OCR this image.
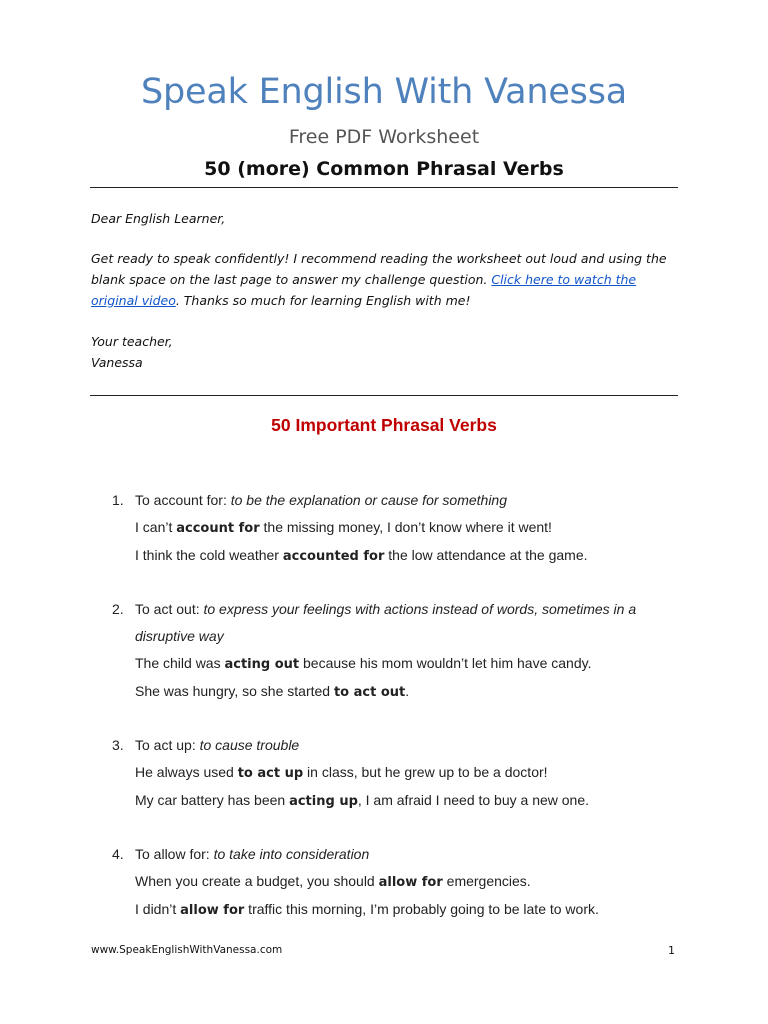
Speak English With Vanessa
Free PDF Worksheet
50 (more) Common Phrasal Verbs

Dear English Learner,

Get ready to speak confidently! I recommend reading the worksheet out loud and using the blank space on the last page to answer my challenge question. Click here to watch the original video. Thanks so much for learning English with me!

Your teacher,

Vanessa

50 Important Phrasal Verbs
1. To account for: to be the explanation or cause for something
I can’t account for the missing money, I don’t know where it went!
I think the cold weather accounted for the low attendance at the game.
2. To act out: to express your feelings with actions instead of words, sometimes in a disruptive way
The child was acting out because his mom wouldn’t let him have candy.
She was hungry, so she started to act out.
3. To act up: to cause trouble
He always used to act up in class, but he grew up to be a doctor!
My car battery has been acting up, I am afraid I need to buy a new one.
4. To allow for: to take into consideration
When you create a budget, you should allow for emergencies.
I didn’t allow for traffic this morning, I’m probably going to be late to work.
www.SpeakEnglishWithVanessa.com	1
